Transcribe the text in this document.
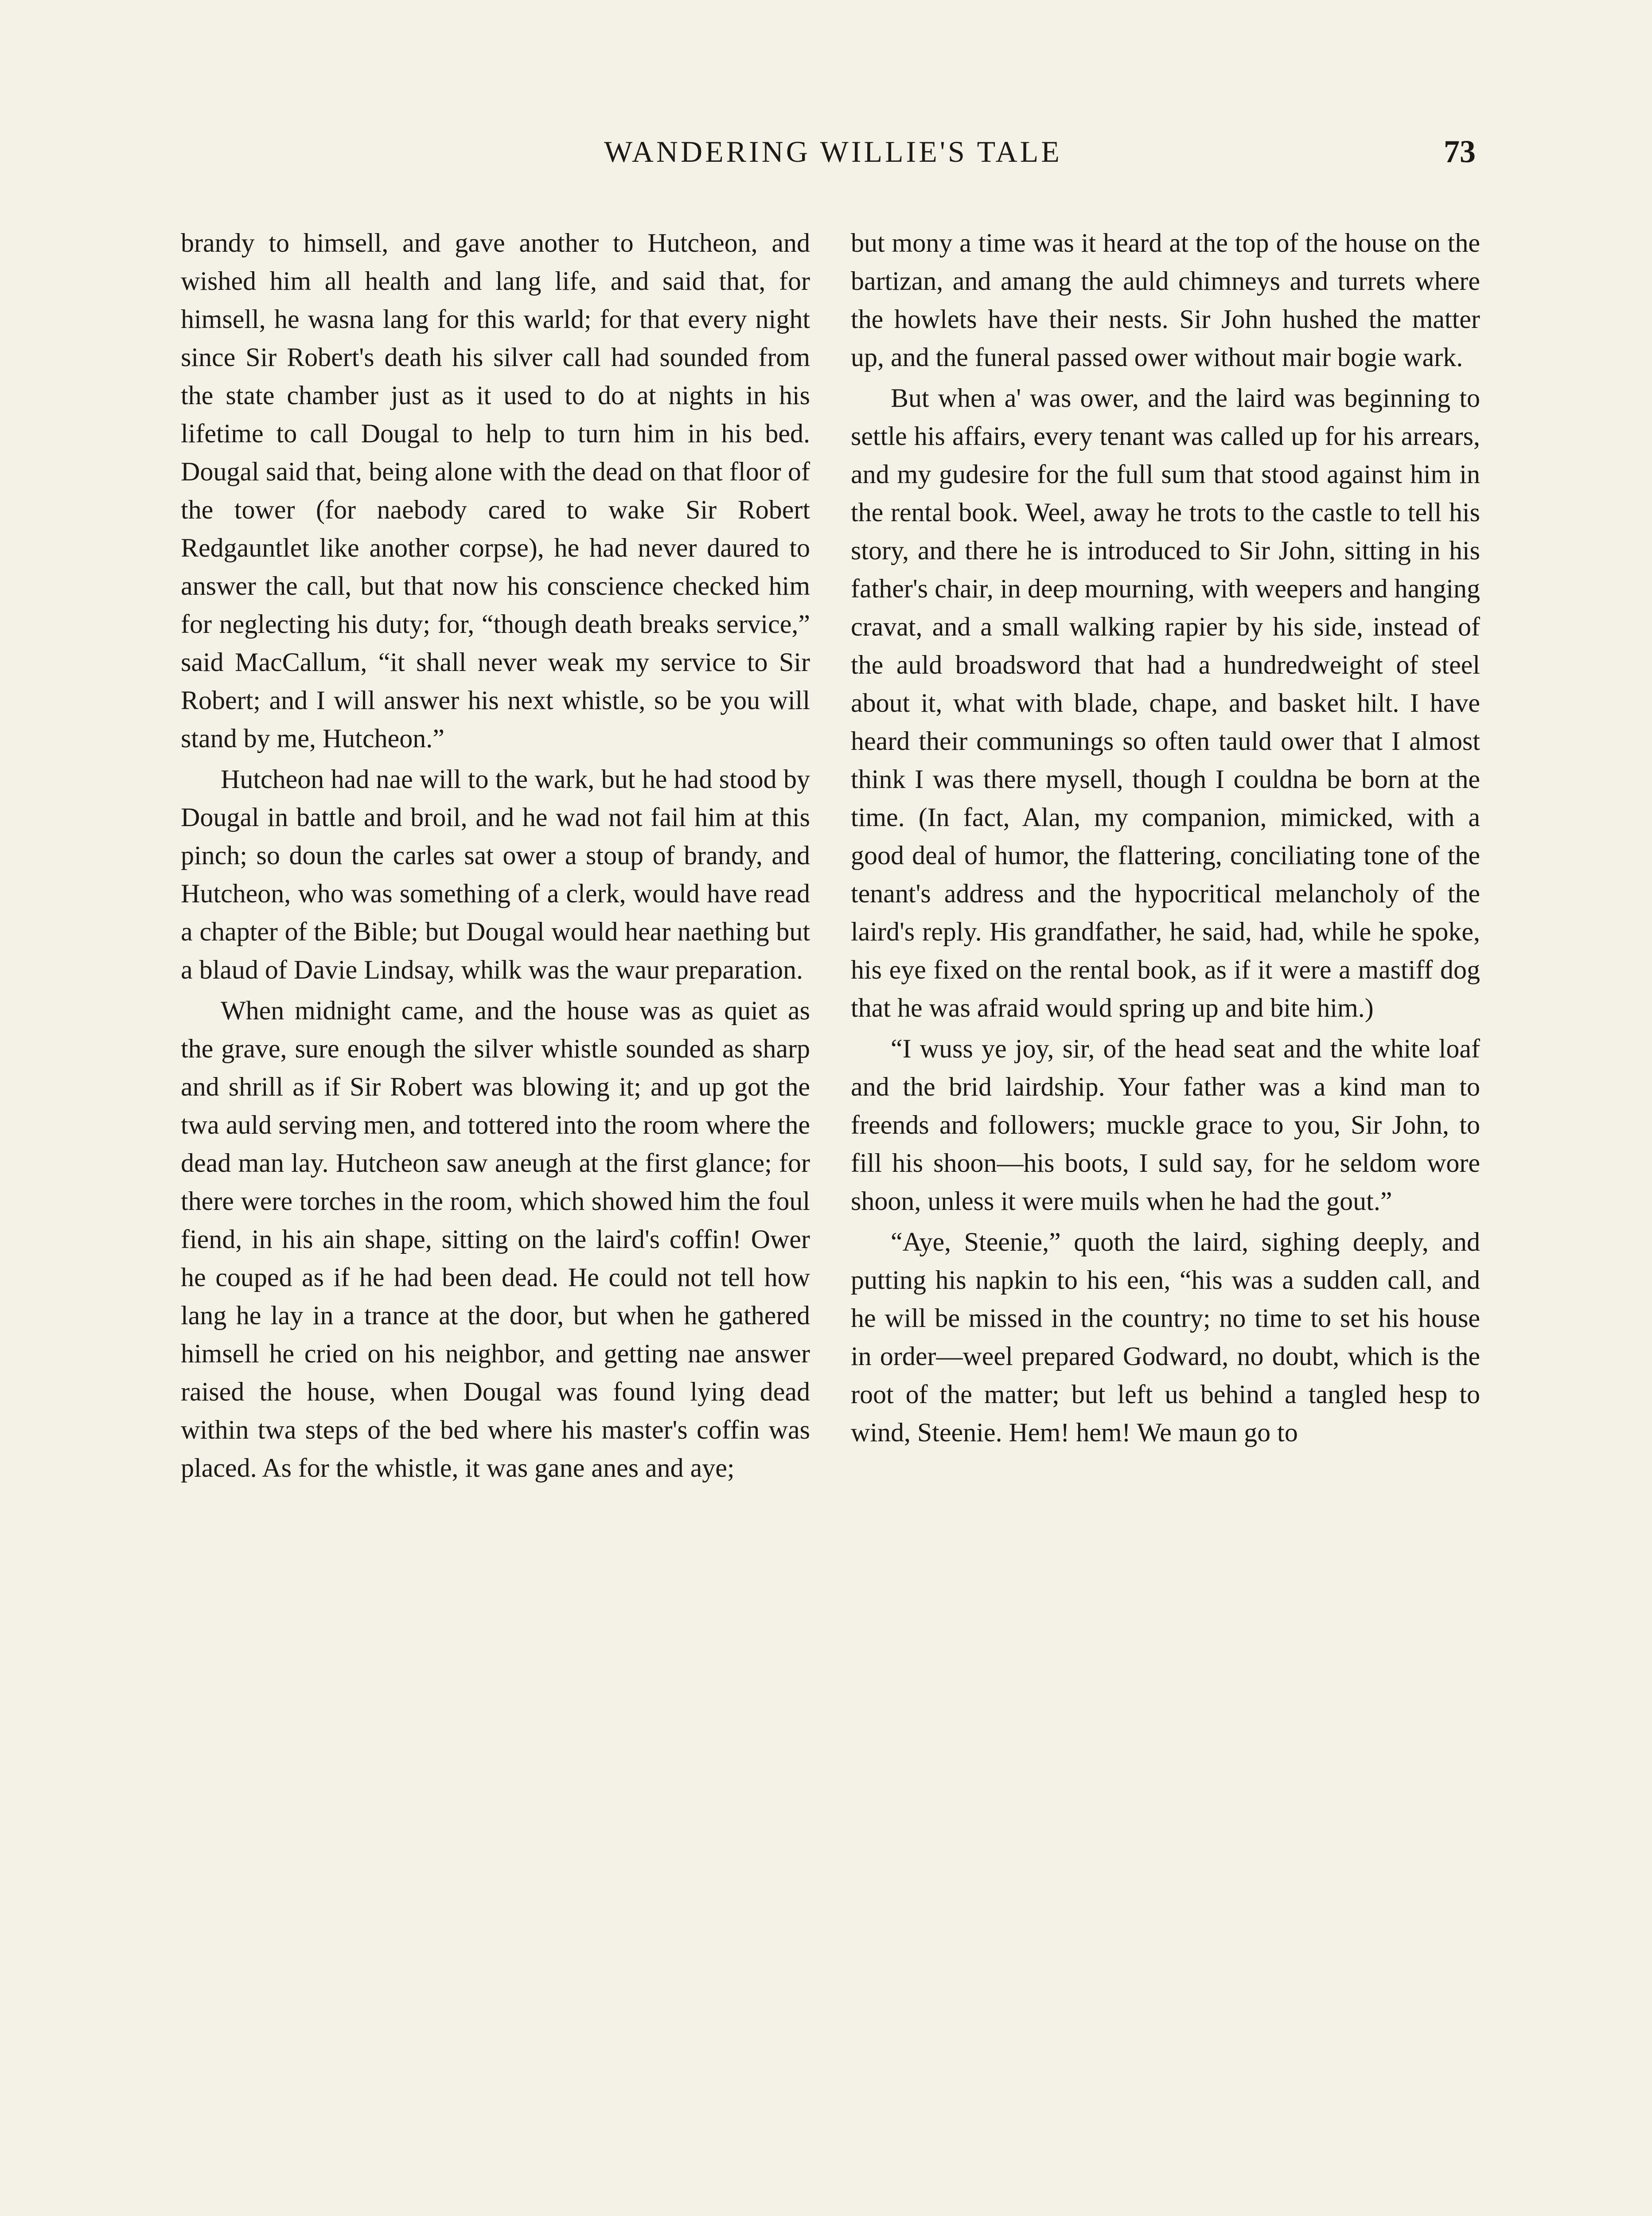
WANDERING WILLIE'S TALE	73

brandy to himsell, and gave another to Hutcheon, and wished him all health and lang life, and said that, for himsell, he wasna lang for this warld; for that every night since Sir Robert's death his silver call had sounded from the state chamber just as it used to do at nights in his lifetime to call Dougal to help to turn him in his bed. Dougal said that, being alone with the dead on that floor of the tower (for naebody cared to wake Sir Robert Redgauntlet like another corpse), he had never daured to answer the call, but that now his conscience checked him for neglecting his duty; for, “though death breaks service,” said MacCallum, “it shall never weak my service to Sir Robert; and I will answer his next whistle, so be you will stand by me, Hutcheon.”

Hutcheon had nae will to the wark, but he had stood by Dougal in battle and broil, and he wad not fail him at this pinch; so doun the carles sat ower a stoup of brandy, and Hutcheon, who was something of a clerk, would have read a chapter of the Bible; but Dougal would hear naething but a blaud of Davie Lindsay, whilk was the waur preparation.

When midnight came, and the house was as quiet as the grave, sure enough the silver whistle sounded as sharp and shrill as if Sir Robert was blowing it; and up got the twa auld serving men, and tottered into the room where the dead man lay. Hutcheon saw aneugh at the first glance; for there were torches in the room, which showed him the foul fiend, in his ain shape, sitting on the laird's coffin! Ower he couped as if he had been dead. He could not tell how lang he lay in a trance at the door, but when he gathered himsell he cried on his neighbor, and getting nae answer raised the house, when Dougal was found lying dead within twa steps of the bed where his master's coffin was placed. As for the whistle, it was gane anes and aye;

but mony a time was it heard at the top of the house on the bartizan, and amang the auld chimneys and turrets where the howlets have their nests. Sir John hushed the matter up, and the funeral passed ower without mair bogie wark.

But when a' was ower, and the laird was beginning to settle his affairs, every tenant was called up for his arrears, and my gudesire for the full sum that stood against him in the rental book. Weel, away he trots to the castle to tell his story, and there he is introduced to Sir John, sitting in his father's chair, in deep mourning, with weepers and hanging cravat, and a small walking rapier by his side, instead of the auld broadsword that had a hundredweight of steel about it, what with blade, chape, and basket hilt. I have heard their communings so often tauld ower that I almost think I was there mysell, though I couldna be born at the time. (In fact, Alan, my companion, mimicked, with a good deal of humor, the flattering, conciliating tone of the tenant's address and the hypocritical melancholy of the laird's reply. His grandfather, he said, had, while he spoke, his eye fixed on the rental book, as if it were a mastiff dog that he was afraid would spring up and bite him.)

“I wuss ye joy, sir, of the head seat and the white loaf and the brid lairdship. Your father was a kind man to freends and followers; muckle grace to you, Sir John, to fill his shoon—his boots, I suld say, for he seldom wore shoon, unless it were muils when he had the gout.”

“Aye, Steenie,” quoth the laird, sighing deeply, and putting his napkin to his een, “his was a sudden call, and he will be missed in the country; no time to set his house in order—weel prepared Godward, no doubt, which is the root of the matter; but left us behind a tangled hesp to wind, Steenie. Hem! hem! We maun go to
